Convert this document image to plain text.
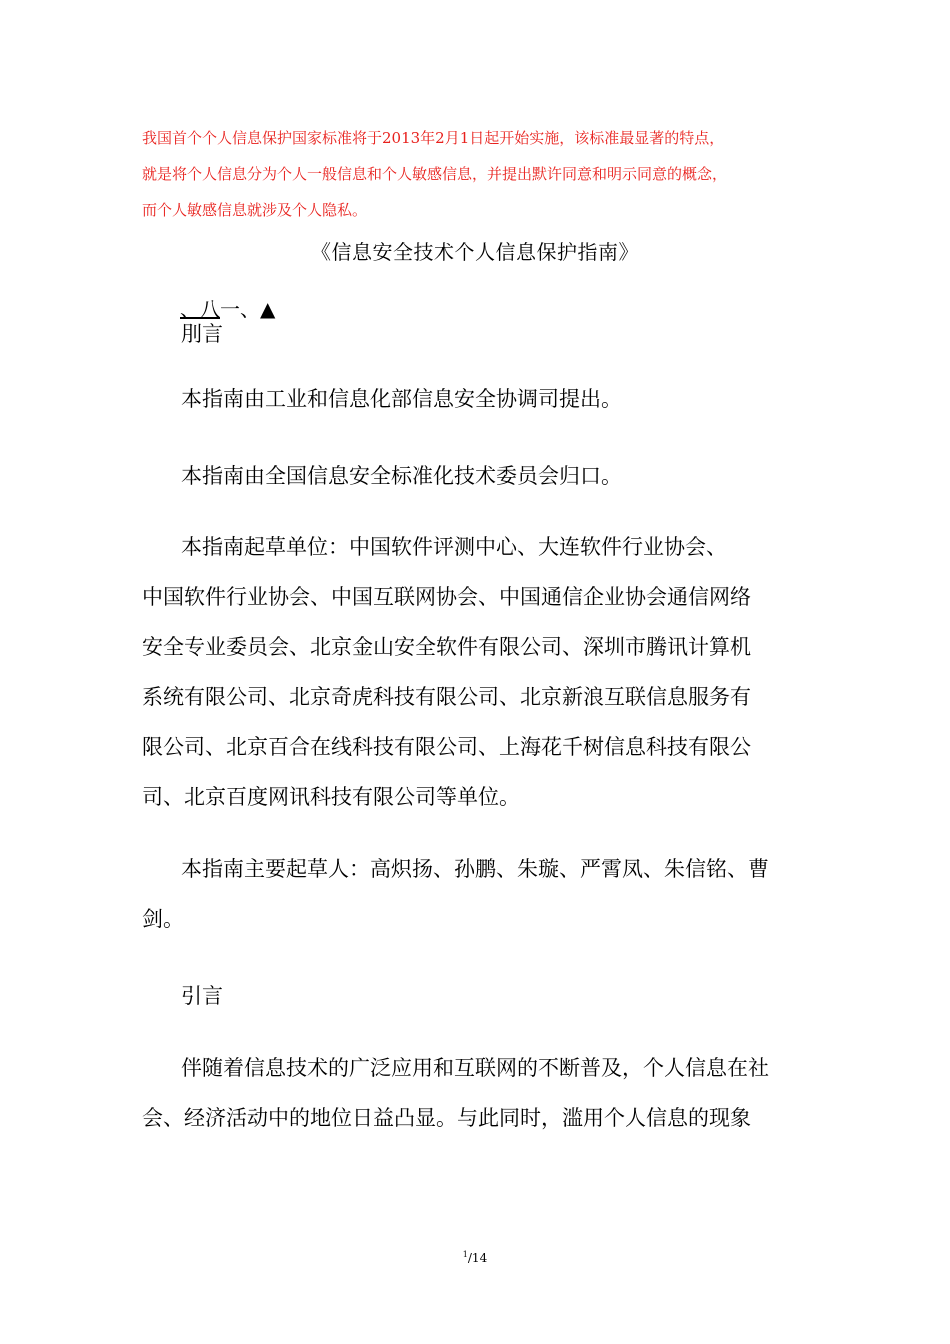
我国首个个人信息保护国家标准将于2013年2月1日起开始实施，该标准最显著的特点，
就是将个人信息分为个人一般信息和个人敏感信息，并提出默许同意和明示同意的概念，
而个人敏感信息就涉及个人隐私。
《信息安全技术个人信息保护指南》
、八一、▲
刖言
本指南由工业和信息化部信息安全协调司提出。
本指南由全国信息安全标准化技术委员会归口。
本指南起草单位：中国软件评测中心、大连软件行业协会、
中国软件行业协会、中国互联网协会、中国通信企业协会通信网络
安全专业委员会、北京金山安全软件有限公司、深圳市腾讯计算机
系统有限公司、北京奇虎科技有限公司、北京新浪互联信息服务有
限公司、北京百合在线科技有限公司、上海花千树信息科技有限公
司、北京百度网讯科技有限公司等单位。
本指南主要起草人：高炽扬、孙鹏、朱璇、严霄凤、朱信铭、曹
剑。
引言
伴随着信息技术的广泛应用和互联网的不断普及，个人信息在社
会、经济活动中的地位日益凸显。与此同时，滥用个人信息的现象
$^1$/14
